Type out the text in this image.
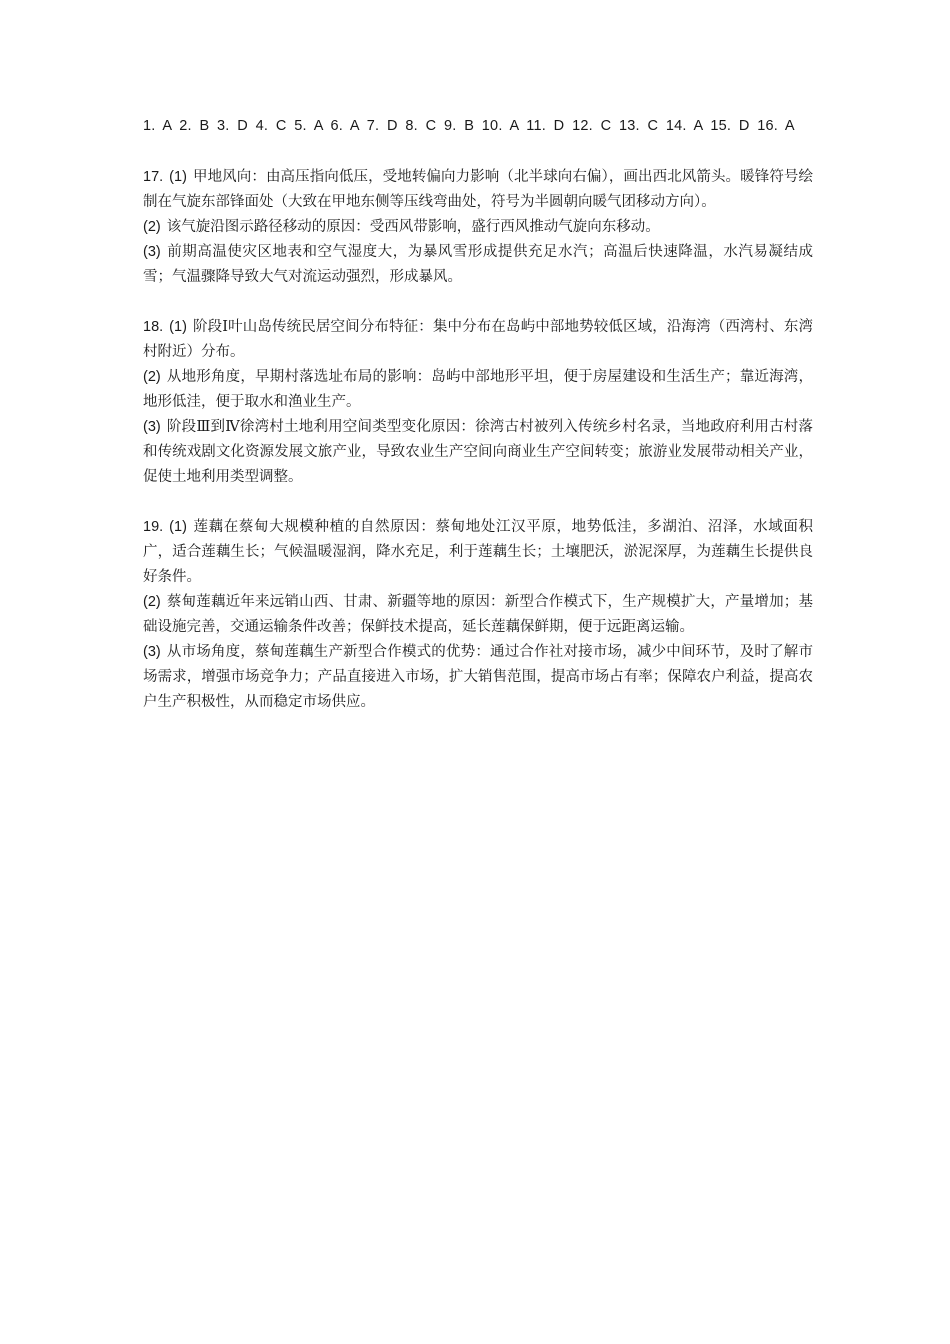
1. A 2. B 3. D 4. C 5. A 6. A 7. D 8. C 9. B 10. A 11. D 12. C 13. C 14. A 15. D 16. A

17. (1) 甲地风向：由高压指向低压，受地转偏向力影响（北半球向右偏），画出西北风箭头。暖锋符号绘制在气旋东部锋面处（大致在甲地东侧等压线弯曲处，符号为半圆朝向暖气团移动方向）。

(2) 该气旋沿图示路径移动的原因：受西风带影响，盛行西风推动气旋向东移动。

(3) 前期高温使灾区地表和空气湿度大，为暴风雪形成提供充足水汽；高温后快速降温，水汽易凝结成雪；气温骤降导致大气对流运动强烈，形成暴风。

18. (1) 阶段Ⅰ叶山岛传统民居空间分布特征：集中分布在岛屿中部地势较低区域，沿海湾（西湾村、东湾村附近）分布。

(2) 从地形角度，早期村落选址布局的影响：岛屿中部地形平坦，便于房屋建设和生活生产；靠近海湾，地形低洼，便于取水和渔业生产。

(3) 阶段Ⅲ到Ⅳ徐湾村土地利用空间类型变化原因：徐湾古村被列入传统乡村名录，当地政府利用古村落和传统戏剧文化资源发展文旅产业，导致农业生产空间向商业生产空间转变；旅游业发展带动相关产业，促使土地利用类型调整。

19. (1) 莲藕在蔡甸大规模种植的自然原因：蔡甸地处江汉平原，地势低洼，多湖泊、沼泽，水域面积广，适合莲藕生长；气候温暖湿润，降水充足，利于莲藕生长；土壤肥沃，淤泥深厚，为莲藕生长提供良好条件。

(2) 蔡甸莲藕近年来远销山西、甘肃、新疆等地的原因：新型合作模式下，生产规模扩大，产量增加；基础设施完善，交通运输条件改善；保鲜技术提高，延长莲藕保鲜期，便于远距离运输。

(3) 从市场角度，蔡甸莲藕生产新型合作模式的优势：通过合作社对接市场，减少中间环节，及时了解市场需求，增强市场竞争力；产品直接进入市场，扩大销售范围，提高市场占有率；保障农户利益，提高农户生产积极性，从而稳定市场供应。
